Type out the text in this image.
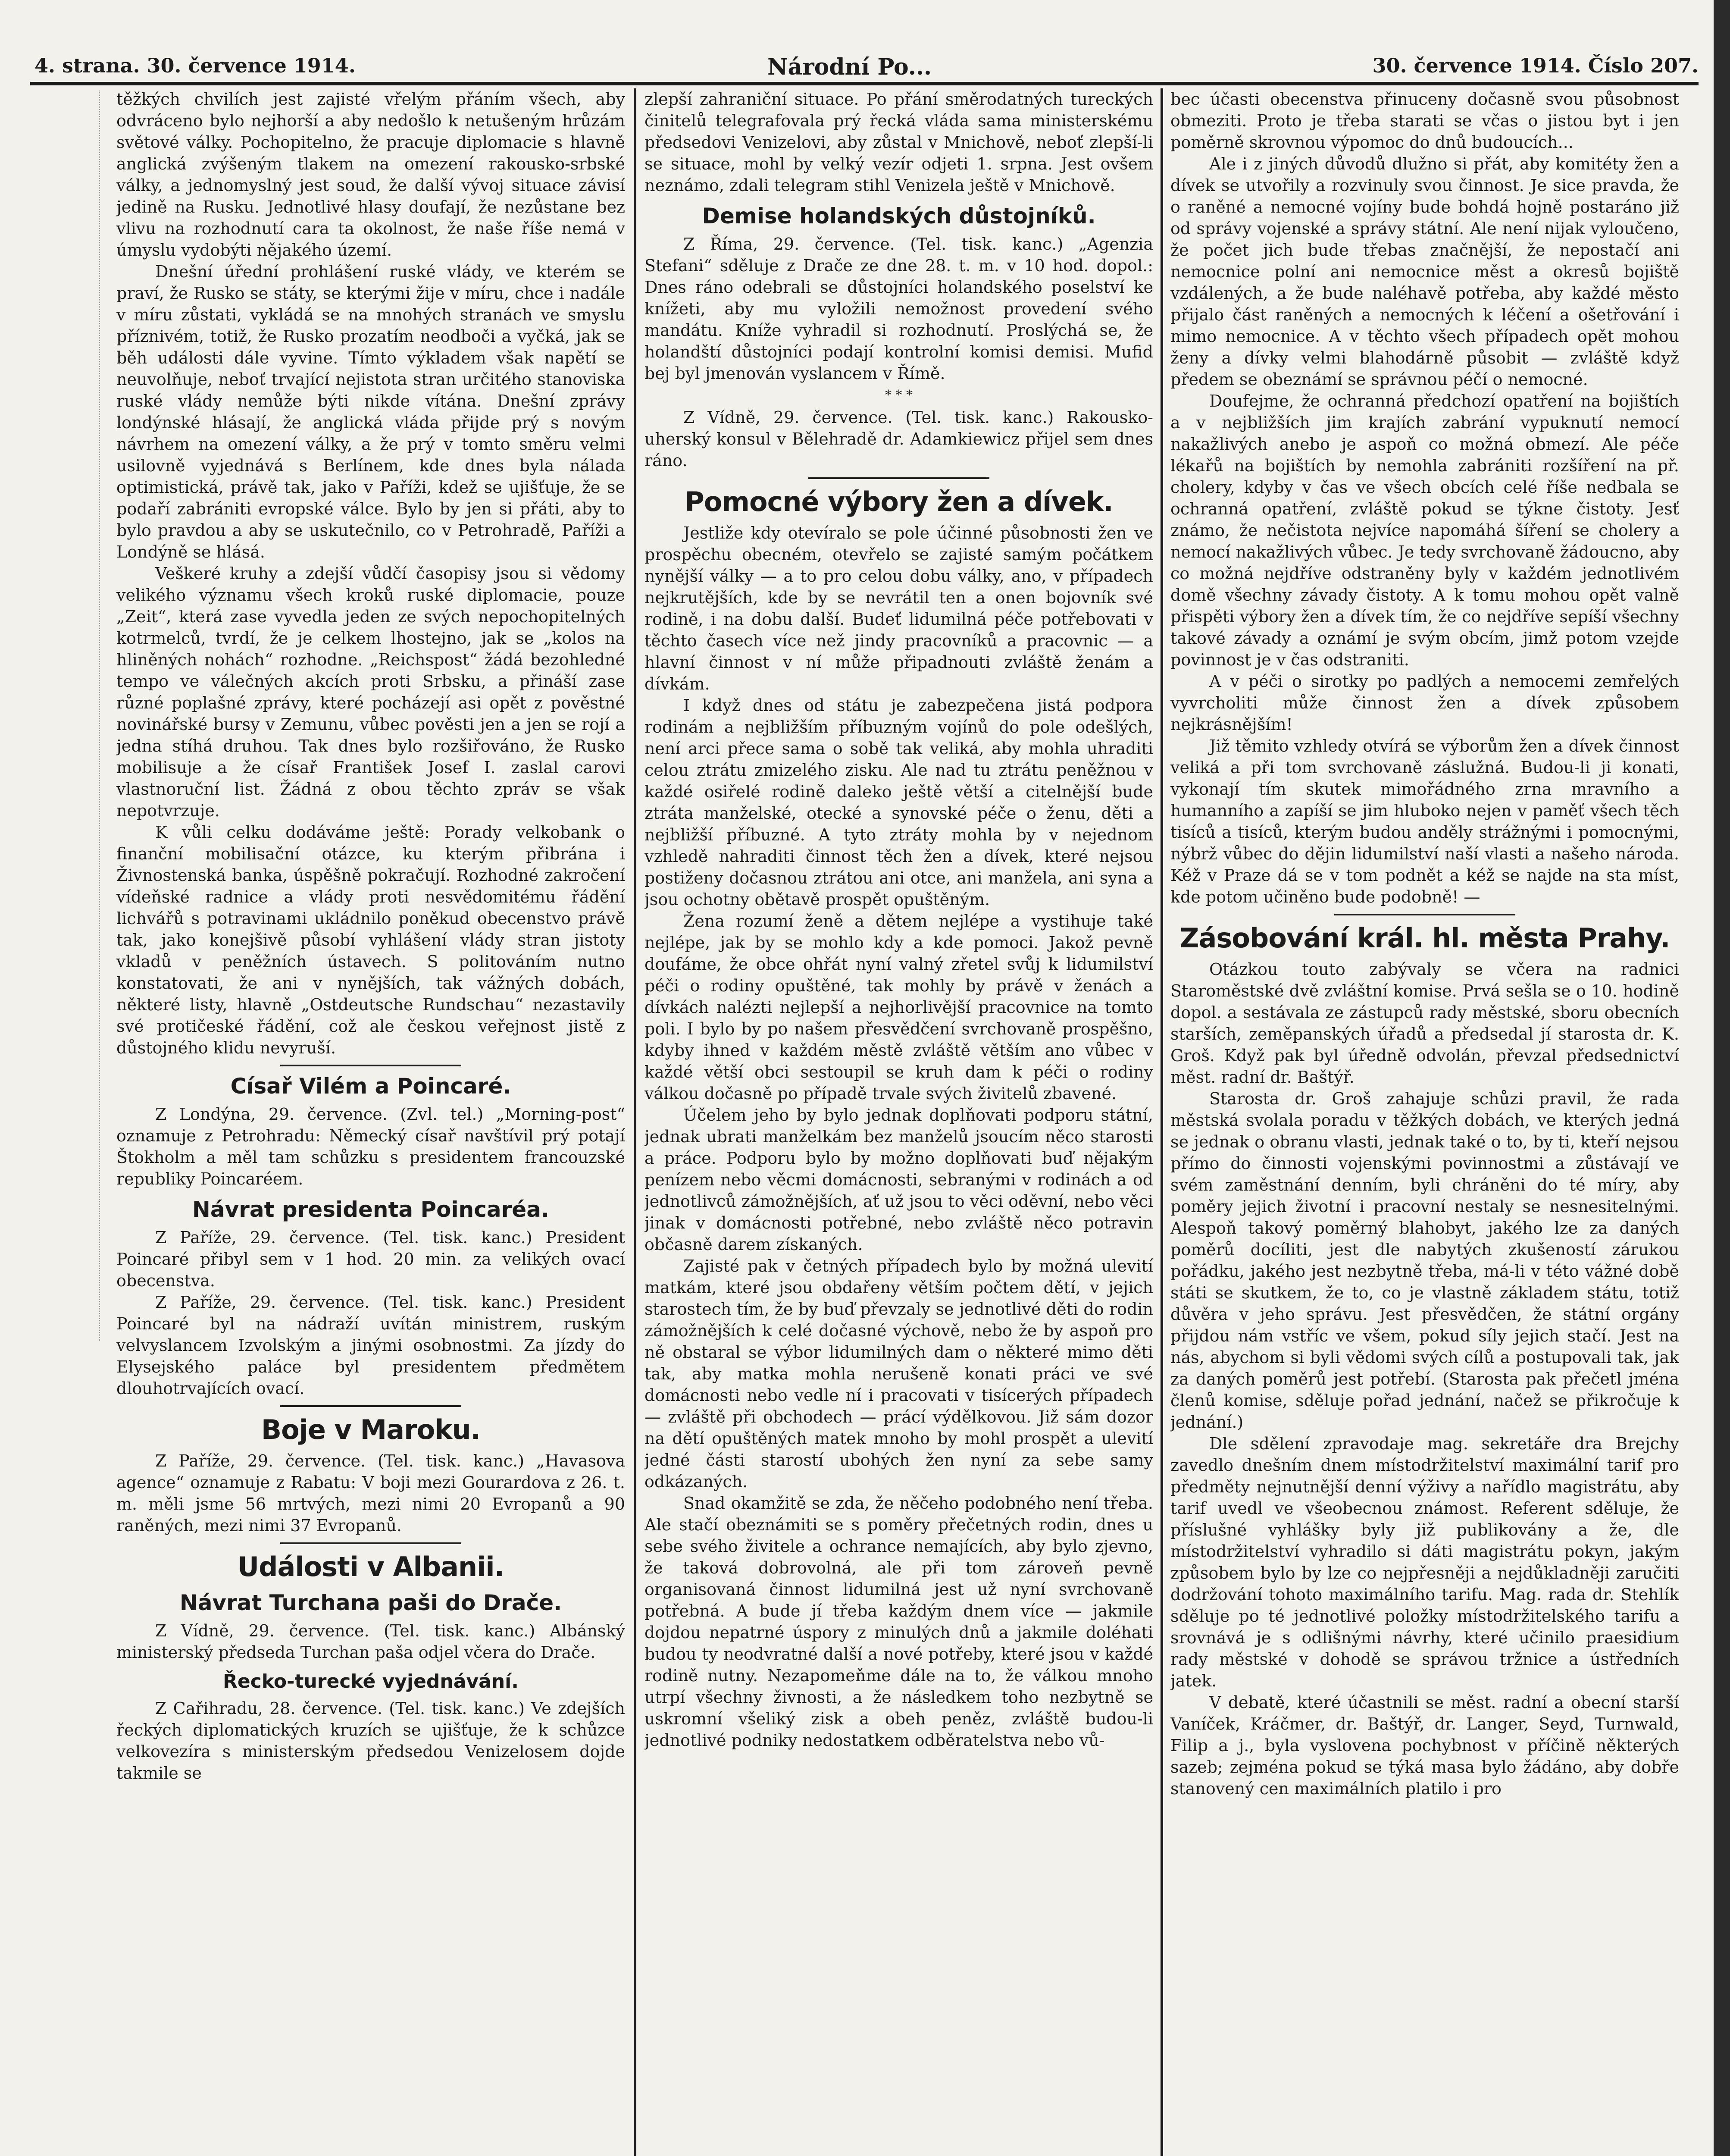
4. strana. 30. července 1914.	Národní Po...	30. července 1914. Číslo 207.

těžkých chvilích jest zajisté vřelým přáním všech, aby odvráceno bylo nejhorší a aby nedošlo k netušeným hrůzám světové války. Pochopitelno, že pracuje diplomacie s hlavně anglická zvýšeným tlakem na omezení rakousko-srbské války, a jednomyslný jest soud, že další vývoj situace závisí jedině na Rusku. Jednotlivé hlasy doufají, že nezůstane bez vlivu na rozhodnutí cara ta okolnost, že naše říše nemá v úmyslu vydobýti nějakého území.

Dnešní úřední prohlášení ruské vlády, ve kterém se praví, že Rusko se státy, se kterými žije v míru, chce i nadále v míru zůstati, vykládá se na mnohých stranách ve smyslu příznivém, totiž, že Rusko prozatím neodboči a vyčká, jak se běh události dále vyvine. Tímto výkladem však napětí se neuvolňuje, neboť trvající nejistota stran určitého stanoviska ruské vlády nemůže býti nikde vítána. Dnešní zprávy londýnské hlásají, že anglická vláda přijde prý s novým návrhem na omezení války, a že prý v tomto směru velmi usilovně vyjednává s Berlínem, kde dnes byla nálada optimistická, právě tak, jako v Paříži, kdež se ujišťuje, že se podaří zabrániti evropské válce. Bylo by jen si přáti, aby to bylo pravdou a aby se uskutečnilo, co v Petrohradě, Paříži a Londýně se hlásá.

Veškeré kruhy a zdejší vůdčí časopisy jsou si vědomy velikého významu všech kroků ruské diplomacie, pouze „Zeit“, která zase vyvedla jeden ze svých nepochopitelných kotrmelců, tvrdí, že je celkem lhostejno, jak se „kolos na hliněných nohách“ rozhodne. „Reichspost“ žádá bezohledné tempo ve válečných akcích proti Srbsku, a přináší zase různé poplašné zprávy, které pocházejí asi opět z pověstné novinářské bursy v Zemunu, vůbec pověsti jen a jen se rojí a jedna stíhá druhou. Tak dnes bylo rozšiřováno, že Rusko mobilisuje a že císař František Josef I. zaslal carovi vlastnoruční list. Žádná z obou těchto zpráv se však nepotvrzuje.

K vůli celku dodáváme ještě: Porady velkobank o finanční mobilisační otázce, ku kterým přibrána i Živnostenská banka, úspěšně pokračují. Rozhodné zakročení vídeňské radnice a vlády proti nesvědomitému řádění lichvářů s potravinami ukládnilo poněkud obecenstvo právě tak, jako konejšivě působí vyhlášení vlády stran jistoty vkladů v peněžních ústavech. S politováním nutno konstatovati, že ani v nynějších, tak vážných dobách, některé listy, hlavně „Ostdeutsche Rundschau“ nezastavily své protičeské řádění, což ale českou veřejnost jistě z důstojného klidu nevyruší.

Císař Vilém a Poincaré.

Z Londýna, 29. července. (Zvl. tel.) „Morning-post“ oznamuje z Petrohradu: Německý císař navštívil prý potají Štokholm a měl tam schůzku s presidentem francouzské republiky Poincaréem.

Návrat presidenta Poincaréa.

Z Paříže, 29. července. (Tel. tisk. kanc.) President Poincaré přibyl sem v 1 hod. 20 min. za velikých ovací obecenstva.

Z Paříže, 29. července. (Tel. tisk. kanc.) President Poincaré byl na nádraží uvítán ministrem, ruským velvyslancem Izvolským a jinými osobnostmi. Za jízdy do Elysejského paláce byl presidentem předmětem dlouhotrvajících ovací.

Boje v Maroku.

Z Paříže, 29. července. (Tel. tisk. kanc.) „Havasova agence“ oznamuje z Rabatu: V boji mezi Gourardova z 26. t. m. měli jsme 56 mrtvých, mezi nimi 20 Evropanů a 90 raněných, mezi nimi 37 Evropanů.

Události v Albanii.
Návrat Turchana paši do Drače.

Z Vídně, 29. července. (Tel. tisk. kanc.) Albánský ministerský předseda Turchan paša odjel včera do Drače.

Řecko-turecké vyjednávání.

Z Cařihradu, 28. července. (Tel. tisk. kanc.) Ve zdejších řeckých diplomatických kruzích se ujišťuje, že k schůzce velkovezíra s ministerským předsedou Venizelosem dojde takmile se

zlepší zahraniční situace. Po přání směrodatných tureckých činitelů telegrafovala prý řecká vláda sama ministerskému předsedovi Venizelovi, aby zůstal v Mnichově, neboť zlepší-li se situace, mohl by velký vezír odjeti 1. srpna. Jest ovšem neznámo, zdali telegram stihl Venizela ještě v Mnichově.

Demise holandských důstojníků.

Z Říma, 29. července. (Tel. tisk. kanc.) „Agenzia Stefani“ sděluje z Drače ze dne 28. t. m. v 10 hod. dopol.: Dnes ráno odebrali se důstojníci holandského poselství ke knížeti, aby mu vyložili nemožnost provedení svého mandátu. Kníže vyhradil si rozhodnutí. Proslýchá se, že holandští důstojníci podají kontrolní komisi demisi. Mufid bej byl jmenován vyslancem v Římě.

* * *

Z Vídně, 29. července. (Tel. tisk. kanc.) Rakousko-uherský konsul v Bělehradě dr. Adamkiewicz přijel sem dnes ráno.

Pomocné výbory žen a dívek.

Jestliže kdy otevíralo se pole účinné působnosti žen ve prospěchu obecném, otevřelo se zajisté samým počátkem nynější války — a to pro celou dobu války, ano, v případech nejkrutějších, kde by se nevrátil ten a onen bojovník své rodině, i na dobu další. Budeť lidumilná péče potřebovati v těchto časech více než jindy pracovníků a pracovnic — a hlavní činnost v ní může připadnouti zvláště ženám a dívkám.

I když dnes od státu je zabezpečena jistá podpora rodinám a nejbližším příbuzným vojínů do pole odešlých, není arci přece sama o sobě tak veliká, aby mohla uhraditi celou ztrátu zmizelého zisku. Ale nad tu ztrátu peněžnou v každé osiřelé rodině daleko ještě větší a citelnější bude ztráta manželské, otecké a synovské péče o ženu, děti a nejbližší příbuzné. A tyto ztráty mohla by v nejednom vzhledě nahraditi činnost těch žen a dívek, které nejsou postiženy dočasnou ztrátou ani otce, ani manžela, ani syna a jsou ochotny obětavě prospět opuštěným.

Žena rozumí ženě a dětem nejlépe a vystihuje také nejlépe, jak by se mohlo kdy a kde pomoci. Jakož pevně doufáme, že obce ohřát nyní valný zřetel svůj k lidumilství péči o rodiny opuštěné, tak mohly by právě v ženách a dívkách nalézti nejlepší a nejhorlivější pracovnice na tomto poli. I bylo by po našem přesvědčení svrchovaně prospěšno, kdyby ihned v každém městě zvláště větším ano vůbec v každé větší obci sestoupil se kruh dam k péči o rodiny válkou dočasně po případě trvale svých živitelů zbavené.

Účelem jeho by bylo jednak doplňovati podporu státní, jednak ubrati manželkám bez manželů jsoucím něco starosti a práce. Podporu bylo by možno doplňovati buď nějakým penízem nebo věcmi domácnosti, sebranými v rodinách a od jednotlivců zámožnějších, ať už jsou to věci oděvní, nebo věci jinak v domácnosti potřebné, nebo zvláště něco potravin občasně darem získaných.

Zajisté pak v četných případech bylo by možná ulevití matkám, které jsou obdařeny větším počtem dětí, v jejich starostech tím, že by buď převzaly se jednotlivé děti do rodin zámožnějších k celé dočasné výchově, nebo že by aspoň pro ně obstaral se výbor lidumilných dam o některé mimo děti tak, aby matka mohla nerušeně konati práci ve své domácnosti nebo vedle ní i pracovati v tisícerých případech — zvláště při obchodech — prácí výdělkovou. Již sám dozor na dětí opuštěných matek mnoho by mohl prospět a ulevití jedné části starostí ubohých žen nyní za sebe samy odkázaných.

Snad okamžitě se zda, že něčeho podobného není třeba. Ale stačí obeznámiti se s poměry přečetných rodin, dnes u sebe svého živitele a ochrance nemajících, aby bylo zjevno, že taková dobrovolná, ale při tom zároveň pevně organisovaná činnost lidumilná jest už nyní svrchovaně potřebná. A bude jí třeba každým dnem více — jakmile dojdou nepatrné úspory z minulých dnů a jakmile doléhati budou ty neodvratné další a nové potřeby, které jsou v každé rodině nutny. Nezapomeňme dále na to, že válkou mnoho utrpí všechny živnosti, a že následkem toho nezbytně se uskromní všeliký zisk a obeh peněz, zvláště budou-li jednotlivé podniky nedostatkem odběratelstva nebo vů-

bec účasti obecenstva přinuceny dočasně svou působnost obmeziti. Proto je třeba starati se včas o jistou byt i jen poměrně skrovnou výpomoc do dnů budoucích...

Ale i z jiných důvodů dlužno si přát, aby komitéty žen a dívek se utvořily a rozvinuly svou činnost. Je sice pravda, že o raněné a nemocné vojíny bude bohdá hojně postaráno již od správy vojenské a správy státní. Ale není nijak vyloučeno, že počet jich bude třebas značnější, že nepostačí ani nemocnice polní ani nemocnice měst a okresů bojiště vzdálených, a že bude naléhavě potřeba, aby každé město přijalo část raněných a nemocných k léčení a ošetřování i mimo nemocnice. A v těchto všech případech opět mohou ženy a dívky velmi blahodárně působit — zvláště když předem se obeznámí se správnou péčí o nemocné.

Doufejme, že ochranná předchozí opatření na bojištích a v nejbližších jim krajích zabrání vypuknutí nemocí nakažlivých anebo je aspoň co možná obmezí. Ale péče lékařů na bojištích by nemohla zabrániti rozšíření na př. cholery, kdyby v čas ve všech obcích celé říše nedbala se ochranná opatření, zvláště pokud se týkne čistoty. Jesť známo, že nečistota nejvíce napomáhá šíření se cholery a nemocí nakažlivých vůbec. Je tedy svrchovaně žádoucno, aby co možná nejdříve odstraněny byly v každém jednotlivém domě všechny závady čistoty. A k tomu mohou opět valně přispěti výbory žen a dívek tím, že co nejdříve sepíší všechny takové závady a oznámí je svým obcím, jimž potom vzejde povinnost je v čas odstraniti.

A v péči o sirotky po padlých a nemocemi zemřelých vyvrcholiti může činnost žen a dívek způsobem nejkrásnějším!

Již těmito vzhledy otvírá se výborům žen a dívek činnost veliká a při tom svrchovaně záslužná. Budou-li ji konati, vykonají tím skutek mimořádného zrna mravního a humanního a zapíší se jim hluboko nejen v paměť všech těch tisíců a tisíců, kterým budou anděly strážnými i pomocnými, nýbrž vůbec do dějin lidumilství naší vlasti a našeho národa. Kéž v Praze dá se v tom podnět a kéž se najde na sta míst, kde potom učiněno bude podobně! —

Zásobování král. hl. města Prahy.

Otázkou touto zabývaly se včera na radnici Staroměstské dvě zvláštní komise. Prvá sešla se o 10. hodině dopol. a sestávala ze zástupců rady městské, sboru obecních starších, zeměpanských úřadů a předsedal jí starosta dr. K. Groš. Když pak byl úředně odvolán, převzal předsednictví měst. radní dr. Baštýř.

Starosta dr. Groš zahajuje schůzi pravil, že rada městská svolala poradu v těžkých dobách, ve kterých jedná se jednak o obranu vlasti, jednak také o to, by ti, kteří nejsou přímo do činnosti vojenskými povinnostmi a zůstávají ve svém zaměstnání denním, byli chráněni do té míry, aby poměry jejich životní i pracovní nestaly se nesnesitelnými. Alespoň takový poměrný blahobyt, jakého lze za daných poměrů docíliti, jest dle nabytých zkušeností zárukou pořádku, jakého jest nezbytně třeba, má-li v této vážné době státi se skutkem, že to, co je vlastně základem státu, totiž důvěra v jeho správu. Jest přesvědčen, že státní orgány přijdou nám vstříc ve všem, pokud síly jejich stačí. Jest na nás, abychom si byli vědomi svých cílů a postupovali tak, jak za daných poměrů jest potřebí. (Starosta pak přečetl jména členů komise, sděluje pořad jednání, načež se přikročuje k jednání.)

Dle sdělení zpravodaje mag. sekretáře dra Brejchy zavedlo dnešním dnem místodržitelství maximální tarif pro předměty nejnutnější denní výživy a nařídlo magistrátu, aby tarif uvedl ve všeobecnou známost. Referent sděluje, že příslušné vyhlášky byly již publikovány a že, dle místodržitelství vyhradilo si dáti magistrátu pokyn, jakým způsobem bylo by lze co nejpřesněji a nejdůkladněji zaručiti dodržování tohoto maximálního tarifu. Mag. rada dr. Stehlík sděluje po té jednotlivé položky místodržitelského tarifu a srovnává je s odlišnými návrhy, které učinilo praesidium rady městské v dohodě se správou tržnice a ústředních jatek.

V debatě, které účastnili se měst. radní a obecní starší Vaníček, Kráčmer, dr. Baštýř, dr. Langer, Seyd, Turnwald, Filip a j., byla vyslovena pochybnost v příčině některých sazeb; zejména pokud se týká masa bylo žádáno, aby dobře stanovený cen maximálních platilo i pro
